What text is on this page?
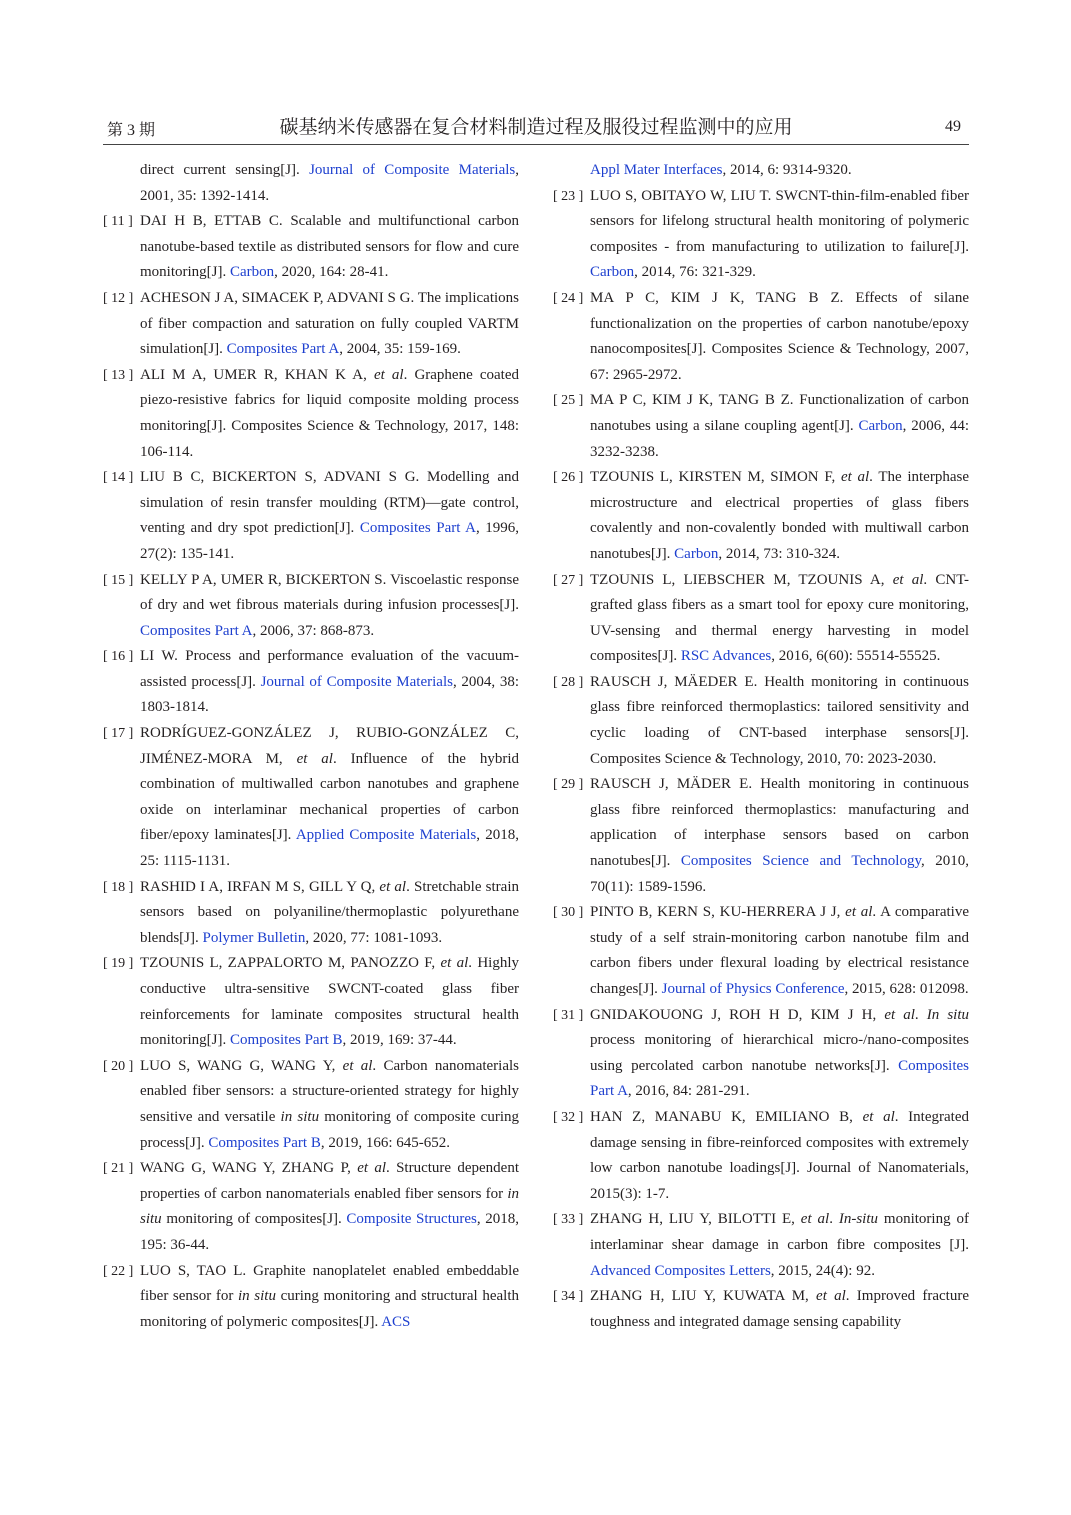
第 3 期	碳基纳米传感器在复合材料制造过程及服役过程监测中的应用	49
direct current sensing[J]. Journal of Composite Materials, 2001, 35: 1392-1414.

[ 11 ] DAI H B, ETTAB C. Scalable and multifunctional carbon nanotube-based textile as distributed sensors for flow and cure monitoring[J]. Carbon, 2020, 164: 28-41.

[ 12 ] ACHESON J A, SIMACEK P, ADVANI S G. The implications of fiber compaction and saturation on fully coupled VARTM simulation[J]. Composites Part A, 2004, 35: 159-169.

[ 13 ] ALI M A, UMER R, KHAN K A, et al. Graphene coated piezo-resistive fabrics for liquid composite molding process monitoring[J]. Composites Science & Technology, 2017, 148: 106-114.

[ 14 ] LIU B C, BICKERTON S, ADVANI S G. Modelling and simulation of resin transfer moulding (RTM)—gate control, venting and dry spot prediction[J]. Composites Part A, 1996, 27(2): 135-141.

[ 15 ] KELLY P A, UMER R, BICKERTON S. Viscoelastic response of dry and wet fibrous materials during infusion processes[J]. Composites Part A, 2006, 37: 868-873.

[ 16 ] LI W. Process and performance evaluation of the vacuum-assisted process[J]. Journal of Composite Materials, 2004, 38: 1803-1814.

[ 17 ] RODRÍGUEZ-GONZÁLEZ J, RUBIO-GONZÁLEZ C, JIMÉNEZ-MORA M, et al. Influence of the hybrid combination of multiwalled carbon nanotubes and graphene oxide on interlaminar mechanical properties of carbon fiber/epoxy laminates[J]. Applied Composite Materials, 2018, 25: 1115-1131.

[ 18 ] RASHID I A, IRFAN M S, GILL Y Q, et al. Stretchable strain sensors based on polyaniline/thermoplastic polyurethane blends[J]. Polymer Bulletin, 2020, 77: 1081-1093.

[ 19 ] TZOUNIS L, ZAPPALORTO M, PANOZZO F, et al. Highly conductive ultra-sensitive SWCNT-coated glass fiber reinforcements for laminate composites structural health monitoring[J]. Composites Part B, 2019, 169: 37-44.

[ 20 ] LUO S, WANG G, WANG Y, et al. Carbon nanomaterials enabled fiber sensors: a structure-oriented strategy for highly sensitive and versatile in situ monitoring of composite curing process[J]. Composites Part B, 2019, 166: 645-652.

[ 21 ] WANG G, WANG Y, ZHANG P, et al. Structure dependent properties of carbon nanomaterials enabled fiber sensors for in situ monitoring of composites[J]. Composite Structures, 2018, 195: 36-44.

[ 22 ] LUO S, TAO L. Graphite nanoplatelet enabled embeddable fiber sensor for in situ curing monitoring and structural health monitoring of polymeric composites[J]. ACS

Appl Mater Interfaces, 2014, 6: 9314-9320.

[ 23 ] LUO S, OBITAYO W, LIU T. SWCNT-thin-film-enabled fiber sensors for lifelong structural health monitoring of polymeric composites - from manufacturing to utilization to failure[J]. Carbon, 2014, 76: 321-329.

[ 24 ] MA P C, KIM J K, TANG B Z. Effects of silane functionalization on the properties of carbon nanotube/epoxy nanocomposites[J]. Composites Science & Technology, 2007, 67: 2965-2972.

[ 25 ] MA P C, KIM J K, TANG B Z. Functionalization of carbon nanotubes using a silane coupling agent[J]. Carbon, 2006, 44: 3232-3238.

[ 26 ] TZOUNIS L, KIRSTEN M, SIMON F, et al. The interphase microstructure and electrical properties of glass fibers covalently and non-covalently bonded with multiwall carbon nanotubes[J]. Carbon, 2014, 73: 310-324.

[ 27 ] TZOUNIS L, LIEBSCHER M, TZOUNIS A, et al. CNT-grafted glass fibers as a smart tool for epoxy cure monitoring, UV-sensing and thermal energy harvesting in model composites[J]. RSC Advances, 2016, 6(60): 55514-55525.

[ 28 ] RAUSCH J, MÄEDER E. Health monitoring in continuous glass fibre reinforced thermoplastics: tailored sensitivity and cyclic loading of CNT-based interphase sensors[J]. Composites Science & Technology, 2010, 70: 2023-2030.

[ 29 ] RAUSCH J, MÄDER E. Health monitoring in continuous glass fibre reinforced thermoplastics: manufacturing and application of interphase sensors based on carbon nanotubes[J]. Composites Science and Technology, 2010, 70(11): 1589-1596.

[ 30 ] PINTO B, KERN S, KU-HERRERA J J, et al. A comparative study of a self strain-monitoring carbon nanotube film and carbon fibers under flexural loading by electrical resistance changes[J]. Journal of Physics Conference, 2015, 628: 012098.

[ 31 ] GNIDAKOUONG J, ROH H D, KIM J H, et al. In situ process monitoring of hierarchical micro-/nano-composites using percolated carbon nanotube networks[J]. Composites Part A, 2016, 84: 281-291.

[ 32 ] HAN Z, MANABU K, EMILIANO B, et al. Integrated damage sensing in fibre-reinforced composites with extremely low carbon nanotube loadings[J]. Journal of Nanomaterials, 2015(3): 1-7.

[ 33 ] ZHANG H, LIU Y, BILOTTI E, et al. In-situ monitoring of interlaminar shear damage in carbon fibre composites [J]. Advanced Composites Letters, 2015, 24(4): 92.

[ 34 ] ZHANG H, LIU Y, KUWATA M, et al. Improved fracture toughness and integrated damage sensing capability
